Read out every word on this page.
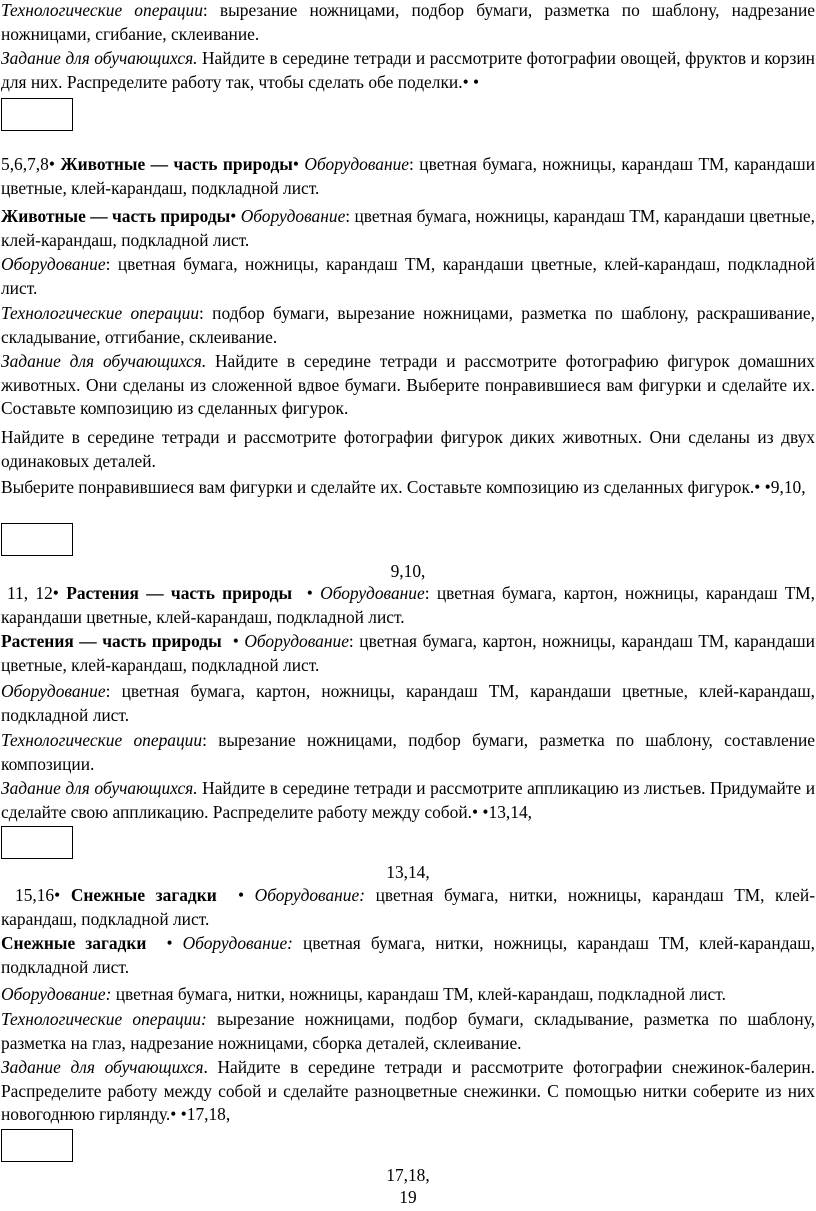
Технологические операции: вырезание ножницами, подбор бумаги, разметка по шаблону, надрезание ножницами, сгибание, склеивание.

Задание для обучающихся. Найдите в середине тетради и рассмотрите фотографии овощей, фруктов и корзин для них. Распределите работу так, чтобы сделать обе поделки.• •

5,6,7,8• Животные — часть природы• Оборудование: цветная бумага, ножницы, карандаш ТМ, карандаши цветные, клей-карандаш, подкладной лист.

Животные — часть природы• Оборудование: цветная бумага, ножницы, карандаш ТМ, карандаши цветные, клей-карандаш, подкладной лист.

Оборудование: цветная бумага, ножницы, карандаш ТМ, карандаши цветные, клей-карандаш, подкладной лист.

Технологические операции: подбор бумаги, вырезание ножницами, разметка по шаблону, раскрашивание, складывание, отгибание, склеивание.

Задание для обучающихся. Найдите в середине тетради и рассмотрите фотографию фигурок домашних животных. Они сделаны из сложенной вдвое бумаги. Выберите понравившиеся вам фигурки и сделайте их. Составьте композицию из сделанных фигурок.

Найдите в середине тетради и рассмотрите фотографии фигурок диких животных. Они сделаны из двух одинаковых деталей.

Выберите понравившиеся вам фигурки и сделайте их. Составьте композицию из сделанных фигурок.• •9,10,

9,10,

11, 12• Растения — часть природы • Оборудование: цветная бумага, картон, ножницы, карандаш ТМ, карандаши цветные, клей-карандаш, подкладной лист.

Растения — часть природы • Оборудование: цветная бумага, картон, ножницы, карандаш ТМ, карандаши цветные, клей-карандаш, подкладной лист.

Оборудование: цветная бумага, картон, ножницы, карандаш ТМ, карандаши цветные, клей-карандаш, подкладной лист.

Технологические операции: вырезание ножницами, подбор бумаги, разметка по шаблону, составление композиции.

Задание для обучающихся. Найдите в середине тетради и рассмотрите аппликацию из листьев. Придумайте и сделайте свою аппликацию. Распределите работу между собой.• •13,14,

13,14,

15,16• Снежные загадки • Оборудование: цветная бумага, нитки, ножницы, карандаш ТМ, клей-карандаш, подкладной лист.

Снежные загадки • Оборудование: цветная бумага, нитки, ножницы, карандаш ТМ, клей-карандаш, подкладной лист.

Оборудование: цветная бумага, нитки, ножницы, карандаш ТМ, клей-карандаш, подкладной лист.

Технологические операции: вырезание ножницами, подбор бумаги, складывание, разметка по шаблону, разметка на глаз, надрезание ножницами, сборка деталей, склеивание.

Задание для обучающихся. Найдите в середине тетради и рассмотрите фотографии снежинок-балерин. Распределите работу между собой и сделайте разноцветные снежинки. С помощью нитки соберите из них новогоднюю гирлянду.• •17,18,

17,18,

19
